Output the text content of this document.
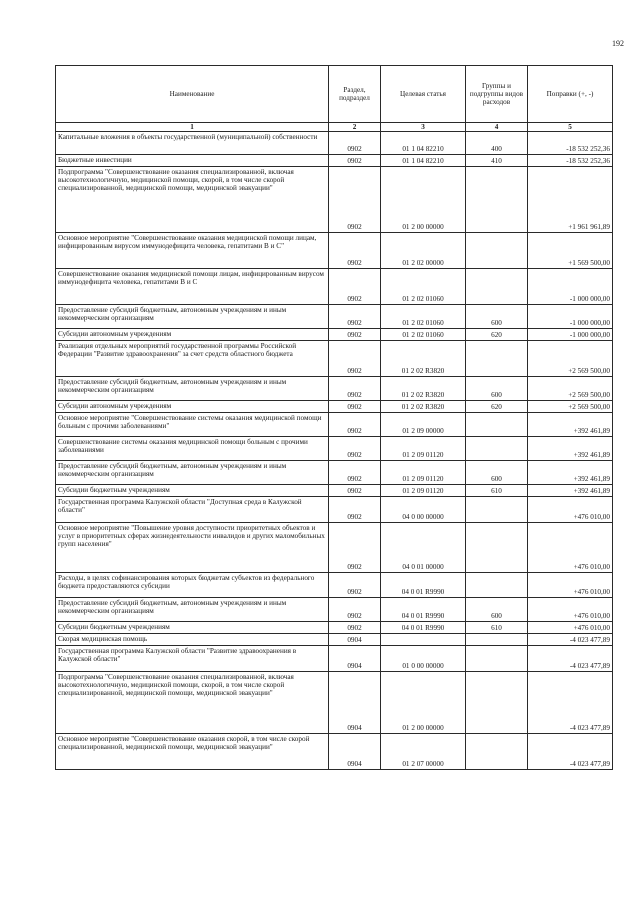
192
Наименование	Раздел, подраздел	Целевая статья	Группы и подгруппы видов расходов	Поправки (+, -)
1	2	3	4	5
Капитальные вложения в объекты государственной (муниципальной) собственности	0902	01 1 04 82210	400	-18 532 252,36
Бюджетные инвестиции	0902	01 1 04 82210	410	-18 532 252,36
Подпрограмма "Совершенствование оказания специализированной, включая высокотехнологичную, медицинской помощи, скорой, в том числе скорой специализированной, медицинской помощи, медицинской эвакуации"	0902	01 2 00 00000		+1 961 961,89
Основное мероприятие "Совершенствование оказания медицинской помощи лицам, инфицированным вирусом иммунодефицита человека, гепатитами В и С"	0902	01 2 02 00000		+1 569 500,00
Совершенствование оказания медицинской помощи лицам, инфицированным вирусом иммунодефицита человека, гепатитами В и С	0902	01 2 02 01060		-1 000 000,00
Предоставление субсидий бюджетным, автономным учреждениям и иным некоммерческим организациям	0902	01 2 02 01060	600	-1 000 000,00
Субсидии автономным учреждениям	0902	01 2 02 01060	620	-1 000 000,00
Реализация отдельных мероприятий государственной программы Российской Федерации "Развитие здравоохранения" за счет средств областного бюджета	0902	01 2 02 R3820		+2 569 500,00
Предоставление субсидий бюджетным, автономным учреждениям и иным некоммерческим организациям	0902	01 2 02 R3820	600	+2 569 500,00
Субсидии автономным учреждениям	0902	01 2 02 R3820	620	+2 569 500,00
Основное мероприятие "Совершенствование системы оказания медицинской помощи больным с прочими заболеваниями"	0902	01 2 09 00000		+392 461,89
Совершенствование системы оказания медицинской помощи больным с прочими заболеваниями	0902	01 2 09 01120		+392 461,89
Предоставление субсидий бюджетным, автономным учреждениям и иным некоммерческим организациям	0902	01 2 09 01120	600	+392 461,89
Субсидии бюджетным учреждениям	0902	01 2 09 01120	610	+392 461,89
Государственная программа Калужской области "Доступная среда в Калужской области"	0902	04 0 00 00000		+476 010,00
Основное мероприятие "Повышение уровня доступности приоритетных объектов и услуг в приоритетных сферах жизнедеятельности инвалидов и других маломобильных групп населения"	0902	04 0 01 00000		+476 010,00
Расходы, в целях софинансирования которых бюджетам субъектов из федерального бюджета предоставляются субсидии	0902	04 0 01 R9990		+476 010,00
Предоставление субсидий бюджетным, автономным учреждениям и иным некоммерческим организациям	0902	04 0 01 R9990	600	+476 010,00
Субсидии бюджетным учреждениям	0902	04 0 01 R9990	610	+476 010,00
Скорая медицинская помощь	0904			-4 023 477,89
Государственная программа Калужской области "Развитие здравоохранения в Калужской области"	0904	01 0 00 00000		-4 023 477,89
Подпрограмма "Совершенствование оказания специализированной, включая высокотехнологичную, медицинской помощи, скорой, в том числе скорой специализированной, медицинской помощи, медицинской эвакуации"	0904	01 2 00 00000		-4 023 477,89
Основное мероприятие "Совершенствование оказания скорой, в том числе скорой специализированной, медицинской помощи, медицинской эвакуации"	0904	01 2 07 00000		-4 023 477,89
